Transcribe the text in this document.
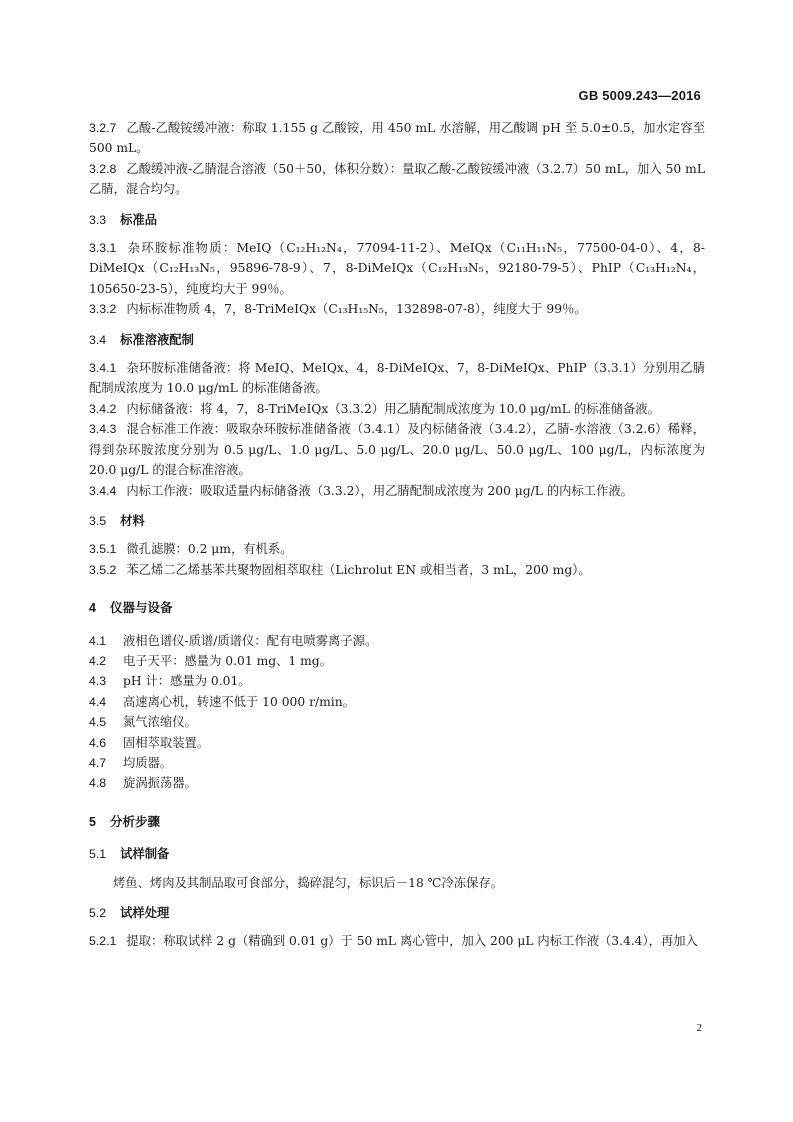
GB 5009.243—2016
3.2.7 乙酸-乙酸铵缓冲液：称取 1.155 g 乙酸铵，用 450 mL 水溶解，用乙酸调 pH 至 5.0±0.5，加水定容至 500 mL。
3.2.8 乙酸缓冲液-乙腈混合溶液（50＋50，体积分数）：量取乙酸-乙酸铵缓冲液（3.2.7）50 mL，加入 50 mL 乙腈，混合均匀。
3.3 标准品
3.3.1 杂环胺标准物质：MeIQ（C₁₂H₁₂N₄，77094-11-2）、MeIQx（C₁₁H₁₁N₅，77500-04-0）、4，8-DiMeIQx（C₁₂H₁₃N₅，95896-78-9）、7，8-DiMeIQx（C₁₂H₁₃N₅，92180-79-5）、PhIP（C₁₃H₁₂N₄，105650-23-5），纯度均大于 99％。
3.3.2 内标标准物质 4，7，8-TriMeIQx（C₁₃H₁₅N₅，132898-07-8），纯度大于 99％。
3.4 标准溶液配制
3.4.1 杂环胺标准储备液：将 MeIQ、MeIQx、4，8-DiMeIQx、7，8-DiMeIQx、PhIP（3.3.1）分别用乙腈配制成浓度为 10.0 μg/mL 的标准储备液。
3.4.2 内标储备液：将 4，7，8-TriMeIQx（3.3.2）用乙腈配制成浓度为 10.0 μg/mL 的标准储备液。
3.4.3 混合标准工作液：吸取杂环胺标准储备液（3.4.1）及内标储备液（3.4.2），乙腈-水溶液（3.2.6）稀释，得到杂环胺浓度分别为 0.5 μg/L、1.0 μg/L、5.0 μg/L、20.0 μg/L、50.0 μg/L、100 μg/L，内标浓度为 20.0 μg/L 的混合标准溶液。
3.4.4 内标工作液：吸取适量内标储备液（3.3.2），用乙腈配制成浓度为 200 μg/L 的内标工作液。
3.5 材料
3.5.1 微孔滤膜：0.2 μm，有机系。
3.5.2 苯乙烯二乙烯基苯共聚物固相萃取柱（Lichrolut EN 或相当者，3 mL，200 mg）。
4 仪器与设备
4.1 液相色谱仪-质谱/质谱仪：配有电喷雾离子源。
4.2 电子天平：感量为 0.01 mg、1 mg。
4.3 pH 计：感量为 0.01。
4.4 高速离心机，转速不低于 10 000 r/min。
4.5 氮气浓缩仪。
4.6 固相萃取装置。
4.7 均质器。
4.8 旋涡振荡器。
5 分析步骤
5.1 试样制备
烤鱼、烤肉及其制品取可食部分，捣碎混匀，标识后－18 ℃冷冻保存。
5.2 试样处理
5.2.1 提取：称取试样 2 g（精确到 0.01 g）于 50 mL 离心管中，加入 200 μL 内标工作液（3.4.4），再加入
2
